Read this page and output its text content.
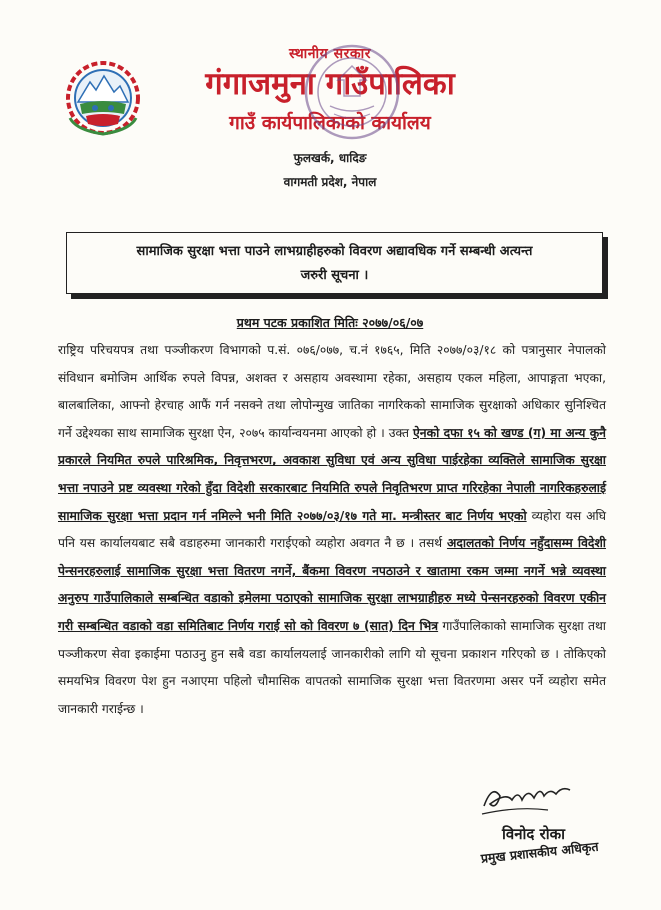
स्थानीय सरकार
गंगाजमुना गाउँपालिका
गाउँ कार्यपालिकाको कार्यालय
फुलखर्क, धादिङ
वागमती प्रदेश, नेपाल
सामाजिक सुरक्षा भत्ता पाउने लाभग्राहीहरुको विवरण अद्यावधिक गर्ने सम्बन्धी अत्यन्त
जरुरी सूचना ।
प्रथम पटक प्रकाशित मितिः २०७७/०६/०७
राष्ट्रिय परिचयपत्र तथा पञ्जीकरण विभागको प.सं. ०७६/०७७, च.नं १७६५, मिति २०७७/०३/१८ को पत्रानुसार नेपालको संविधान बमोजिम आर्थिक रुपले विपन्न, अशक्त र असहाय अवस्थामा रहेका, असहाय एकल महिला, आपाङ्गता भएका, बालबालिका, आफ्नो हेरचाह आफैं गर्न नसक्ने तथा लोपोन्मुख जातिका नागरिकको सामाजिक सुरक्षाको अधिकार सुनिश्चित गर्ने उद्देश्यका साथ सामाजिक सुरक्षा ऐन, २०७५ कार्यान्वयनमा आएको हो । उक्त ऐनको दफा १५ को खण्ड (ग) मा अन्य कुनै प्रकारले नियमित रुपले पारिश्रमिक, निवृत्तभरण, अवकाश सुविधा एवं अन्य सुविधा पाईरहेका व्यक्तिले सामाजिक सुरक्षा भत्ता नपाउने प्रष्ट व्यवस्था गरेको हुँदा विदेशी सरकारबाट नियमिति रुपले निवृतिभरण प्राप्त गरिरहेका नेपाली नागरिकहरुलाई सामाजिक सुरक्षा भत्ता प्रदान गर्न नमिल्ने भनी मिति २०७७/०३/१७ गते मा. मन्त्रीस्तर बाट निर्णय भएको व्यहोरा यस अघि पनि यस कार्यालयबाट सबै वडाहरुमा जानकारी गराईएको व्यहोरा अवगत नै छ । तसर्थ अदालतको निर्णय नहुँदासम्म विदेशी पेन्सनरहरुलाई सामाजिक सुरक्षा भत्ता वितरण नगर्ने, बैंकमा विवरण नपठाउने र खातामा रकम जम्मा नगर्ने भन्ने व्यवस्था अनुरुप गाउँपालिकाले सम्बन्धित वडाको इमेलमा पठाएको सामाजिक सुरक्षा लाभग्राहीहरु मध्ये पेन्सनरहरुको विवरण एकीन गरी सम्बन्धित वडाको वडा समितिबाट निर्णय गराई सो को विवरण ७ (सात) दिन भित्र गाउँपालिकाको सामाजिक सुरक्षा तथा पञ्जीकरण सेवा इकाईमा पठाउनु हुन सबै वडा कार्यालयलाई जानकारीको लागि यो सूचना प्रकाशन गरिएको छ । तोकिएको समयभित्र विवरण पेश हुन नआएमा पहिलो चौमासिक वापतको सामाजिक सुरक्षा भत्ता वितरणमा असर पर्ने व्यहोरा समेत जानकारी गराईन्छ ।
विनोद रोका
प्रमुख प्रशासकीय अधिकृत
